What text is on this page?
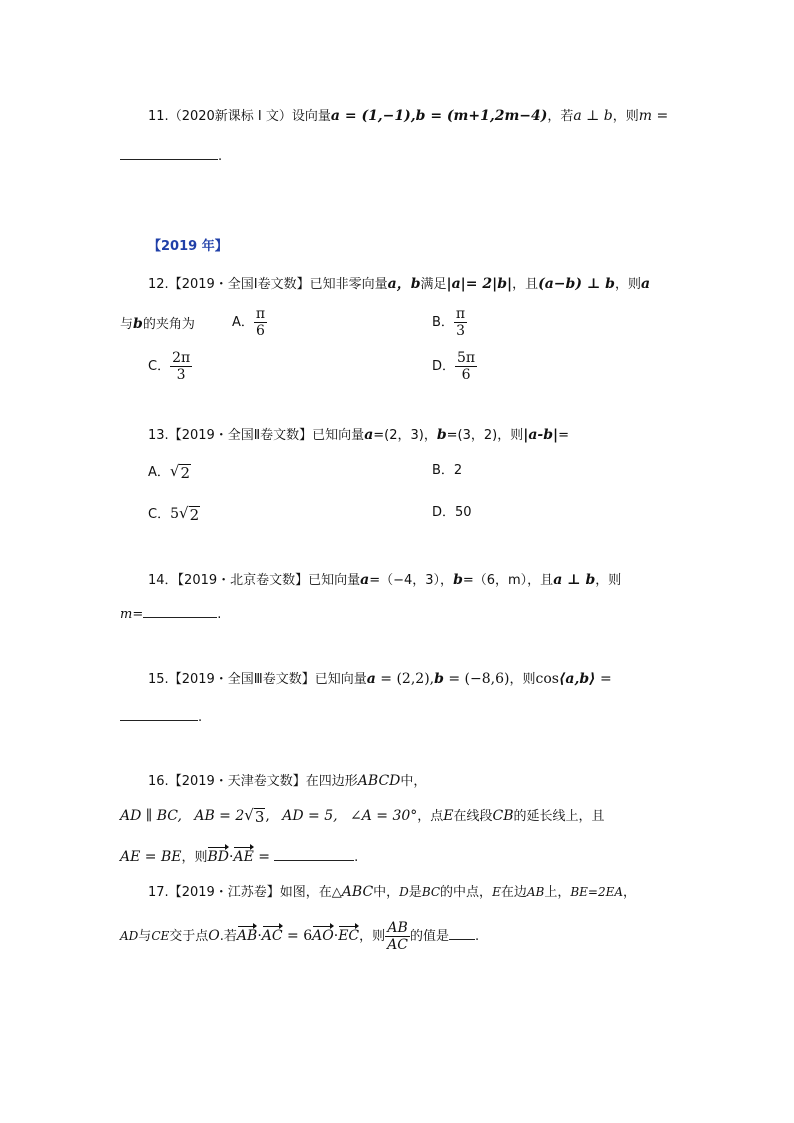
11.（2020新课标 I 文）设向量a = (1,−1),b = (m+1,2m−4)，若a ⊥ b，则m =
.
【2019 年】
12.【2019・全国Ⅰ卷文数】已知非零向量a，b满足|a|= 2|b|，且(a−b) ⊥ b，则a
与b的夹角为	A． $\frac{\pi}{6}$	B． $\frac{\pi}{3}$
C． $\frac{2\pi}{3}$	D． $\frac{5\pi}{6}$
13.【2019・全国Ⅱ卷文数】已知向量a=(2，3)，b=(3，2)，则|a-b|=
A．√ 2	B．2
C．5√ 2	D．50
14．【2019・北京卷文数】已知向量a=（−4，3），b=（6，m），且a ⊥ b，则
m=	.
15.【2019・全国Ⅲ卷文数】已知向量a = (2,2),b = (−8,6)，则cos⟨a,b⟩ =
.
16.【2019・天津卷文数】在四边形ABCD中，
AD ∥ BC, AB = 2√ 3 , AD = 5, ∠A = 30°，点E在线段CB的延长线上，且
AE = BE，则BD·AE =	.
17.【2019・江苏卷】如图，在△ABC中，D是BC的中点，E在边AB上，BE=2EA，
AD与CE交于点O.若AB·AC = 6AO·EC，则 $\frac{AB}{AC}$ 的值是 .
